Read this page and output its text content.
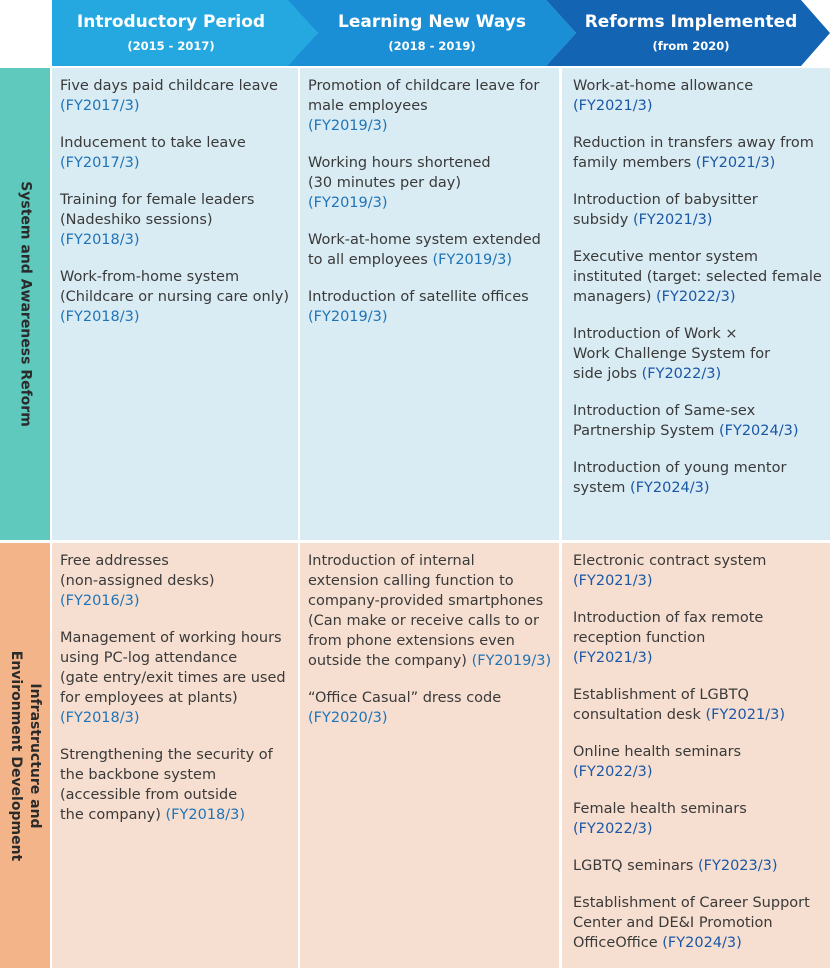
Introductory Period
(2015 - 2017)
Learning New Ways
(2018 - 2019)
Reforms Implemented
(from 2020)
System and Awareness Reform
Infrastructure and
Environment Development
Five days paid childcare leave
(FY2017/3)
Inducement to take leave
(FY2017/3)
Training for female leaders
(Nadeshiko sessions)
(FY2018/3)
Work-from-home system
(Childcare or nursing care only)
(FY2018/3)
Promotion of childcare leave for
male employees
(FY2019/3)
Working hours shortened
(30 minutes per day)
(FY2019/3)
Work-at-home system extended
to all employees (FY2019/3)
Introduction of satellite offices
(FY2019/3)
Work-at-home allowance
(FY2021/3)
Reduction in transfers away from
family members (FY2021/3)
Introduction of babysitter
subsidy (FY2021/3)
Executive mentor system
instituted (target: selected female
managers) (FY2022/3)
Introduction of Work ×
Work Challenge System for
side jobs (FY2022/3)
Introduction of Same-sex
Partnership System (FY2024/3)
Introduction of young mentor
system (FY2024/3)
Free addresses
(non-assigned desks)
(FY2016/3)
Management of working hours
using PC-log attendance
(gate entry/exit times are used
for employees at plants)
(FY2018/3)
Strengthening the security of
the backbone system
(accessible from outside
the company) (FY2018/3)
Introduction of internal
extension calling function to
company-provided smartphones
(Can make or receive calls to or
from phone extensions even
outside the company) (FY2019/3)
“Office Casual” dress code
(FY2020/3)
Electronic contract system
(FY2021/3)
Introduction of fax remote
reception function
(FY2021/3)
Establishment of LGBTQ
consultation desk (FY2021/3)
Online health seminars
(FY2022/3)
Female health seminars
(FY2022/3)
LGBTQ seminars (FY2023/3)
Establishment of Career Support
Center and DE&I Promotion
OfficeOffice (FY2024/3)
